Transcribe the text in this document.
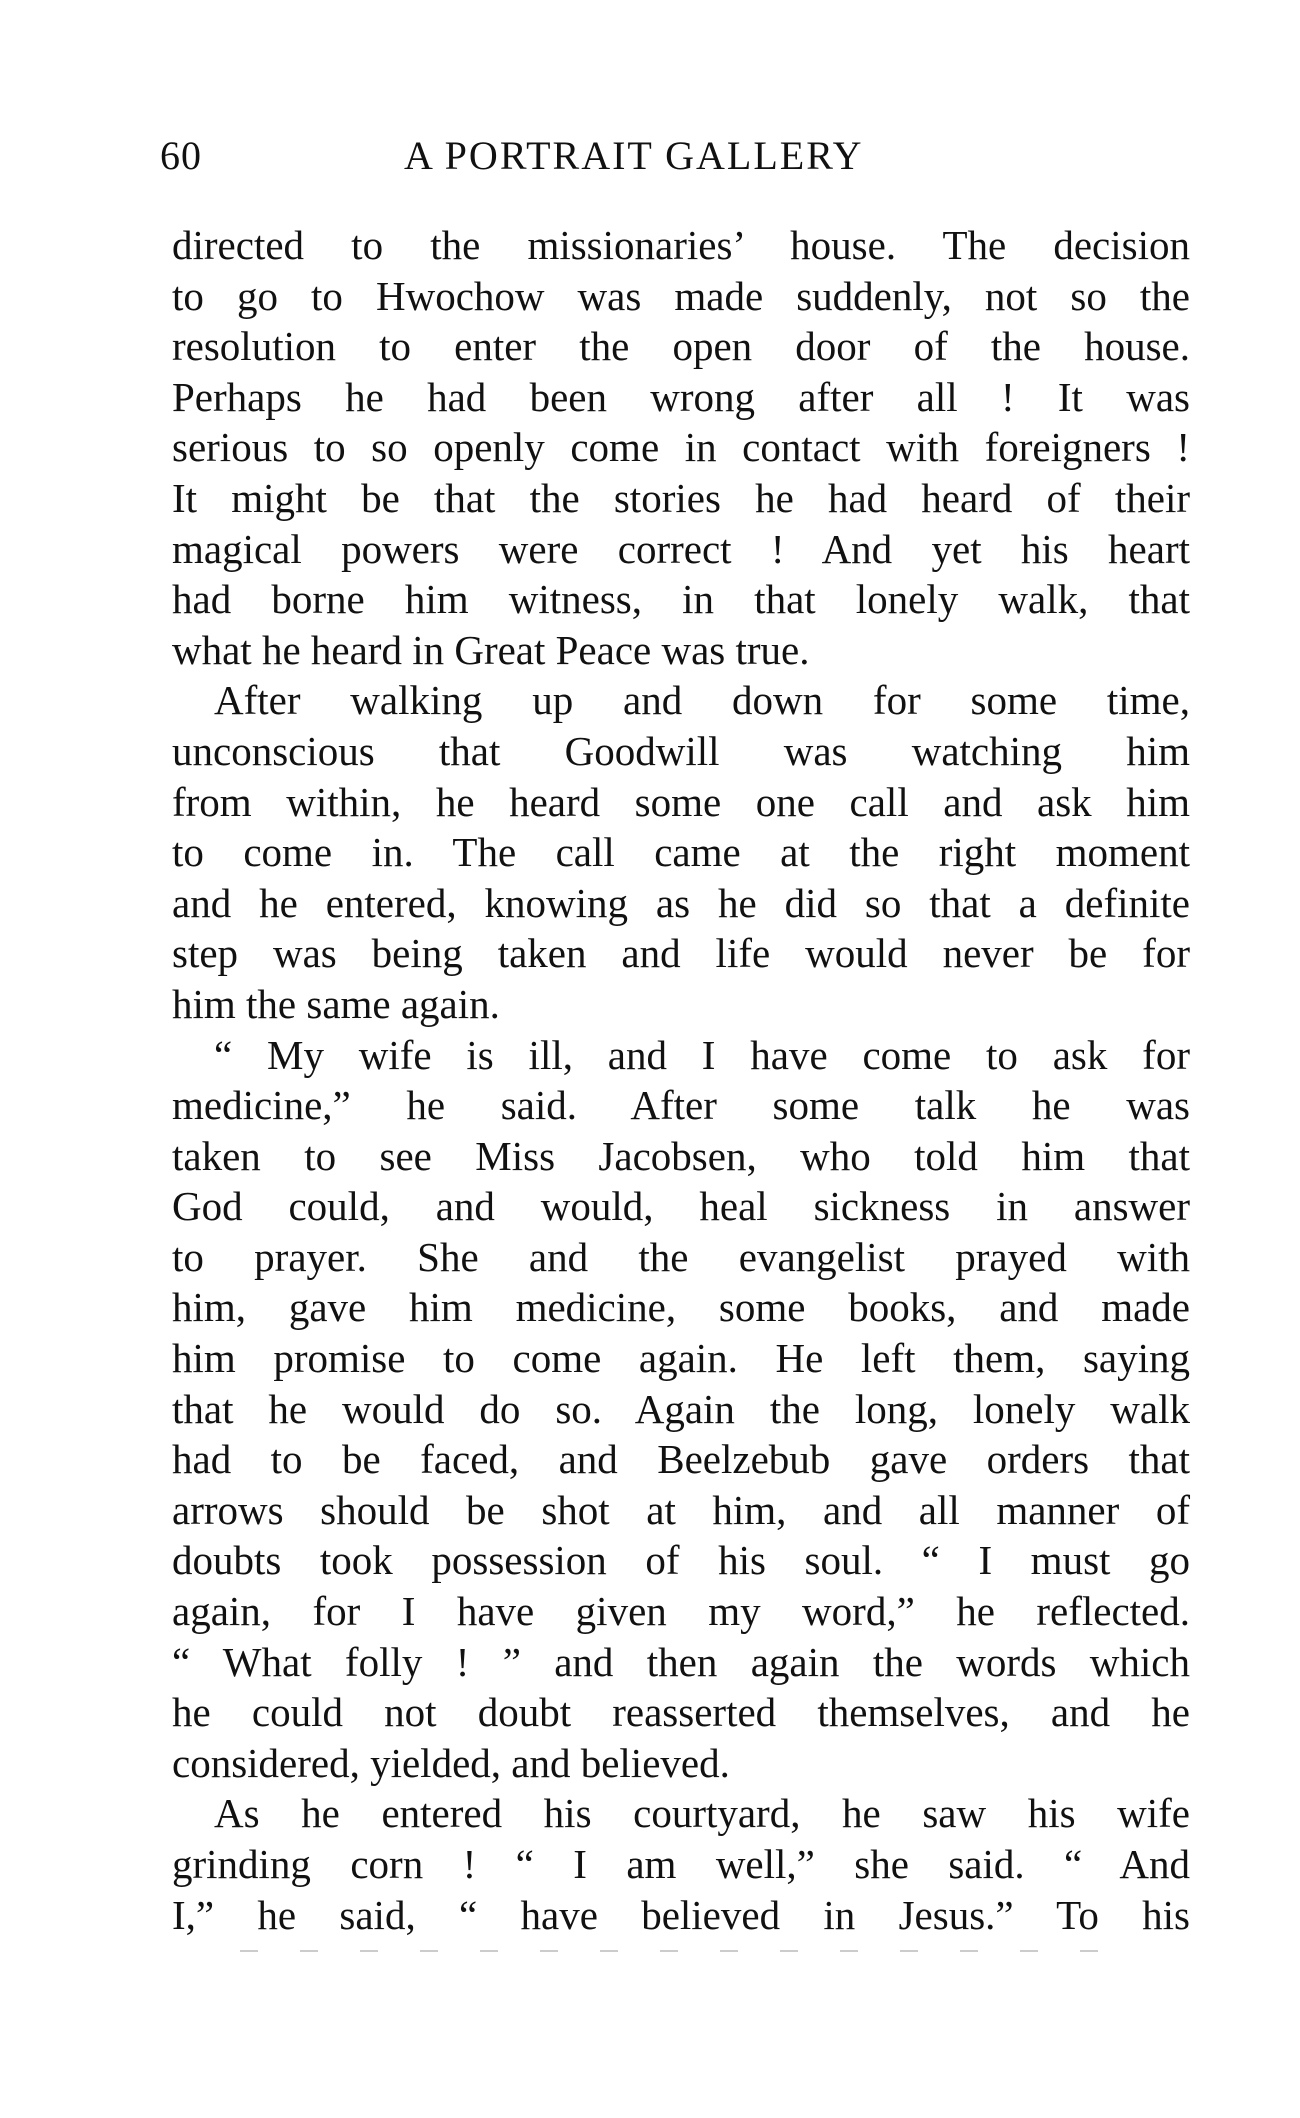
60	A PORTRAIT GALLERY
directed to the missionaries’ house. The decision
to go to Hwochow was made suddenly, not so the
resolution to enter the open door of the house.
Perhaps he had been wrong after all ! It was
serious to so openly come in contact with foreigners !
It might be that the stories he had heard of their
magical powers were correct ! And yet his heart
had borne him witness, in that lonely walk, that
what he heard in Great Peace was true.
After walking up and down for some time,
unconscious that Goodwill was watching him
from within, he heard some one call and ask him
to come in. The call came at the right moment
and he entered, knowing as he did so that a definite
step was being taken and life would never be for
him the same again.
“ My wife is ill, and I have come to ask for
medicine,” he said. After some talk he was
taken to see Miss Jacobsen, who told him that
God could, and would, heal sickness in answer
to prayer. She and the evangelist prayed with
him, gave him medicine, some books, and made
him promise to come again. He left them, saying
that he would do so. Again the long, lonely walk
had to be faced, and Beelzebub gave orders that
arrows should be shot at him, and all manner of
doubts took possession of his soul. “ I must go
again, for I have given my word,” he reflected.
“ What folly ! ” and then again the words which
he could not doubt reasserted themselves, and he
considered, yielded, and believed.
As he entered his courtyard, he saw his wife
grinding corn ! “ I am well,” she said. “ And
I,” he said, “ have believed in Jesus.” To his
